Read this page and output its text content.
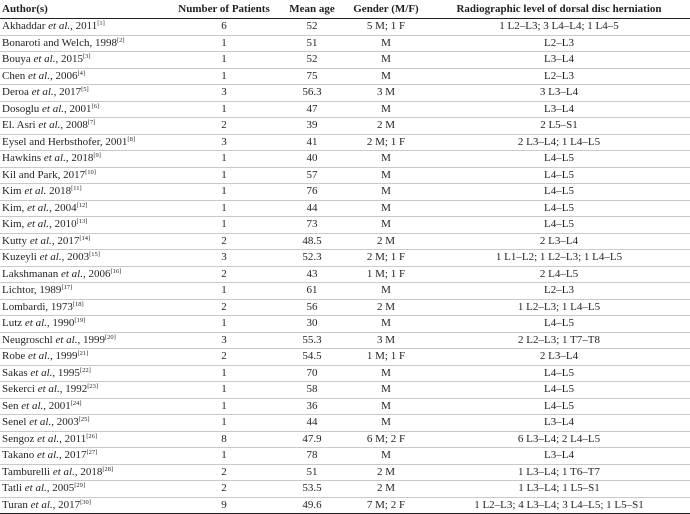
Author(s)	Number of Patients	Mean age	Gender (M/F)	Radiographic level of dorsal disc herniation
Akhaddar et al., 2011[1]	6	52	5 M; 1 F	1 L2–L3; 3 L4–L4; 1 L4–5
Bonaroti and Welch, 1998[2]	1	51	M	L2–L3
Bouya et al., 2015[3]	1	52	M	L3–L4
Chen et al., 2006[4]	1	75	M	L2–L3
Deroa et al., 2017[5]	3	56.3	3 M	3 L3–L4
Dosoglu et al., 2001[6]	1	47	M	L3–L4
El. Asri et al., 2008[7]	2	39	2 M	2 L5–S1
Eysel and Herbsthofer, 2001[8]	3	41	2 M; 1 F	2 L3–L4; 1 L4–L5
Hawkins et al., 2018[9]	1	40	M	L4–L5
Kil and Park, 2017[10]	1	57	M	L4–L5
Kim et al. 2018[11]	1	76	M	L4–L5
Kim, et al., 2004[12]	1	44	M	L4–L5
Kim, et al., 2010[13]	1	73	M	L4–L5
Kutty et al., 2017[14]	2	48.5	2 M	2 L3–L4
Kuzeyli et al., 2003[15]	3	52.3	2 M; 1 F	1 L1–L2; 1 L2–L3; 1 L4–L5
Lakshmanan et al., 2006[16]	2	43	1 M; 1 F	2 L4–L5
Lichtor, 1989[17]	1	61	M	L2–L3
Lombardi, 1973[18]	2	56	2 M	1 L2–L3; 1 L4–L5
Lutz et al., 1990[19]	1	30	M	L4–L5
Neugroschl et al., 1999[20]	3	55.3	3 M	2 L2–L3; 1 T7–T8
Robe et al., 1999[21]	2	54.5	1 M; 1 F	2 L3–L4
Sakas et al., 1995[22]	1	70	M	L4–L5
Sekerci et al., 1992[23]	1	58	M	L4–L5
Sen et al., 2001[24]	1	36	M	L4–L5
Senel et al., 2003[25]	1	44	M	L3–L4
Sengoz et al., 2011[26]	8	47.9	6 M; 2 F	6 L3–L4; 2 L4–L5
Takano et al., 2017[27]	1	78	M	L3–L4
Tamburelli et al., 2018[28]	2	51	2 M	1 L3–L4; 1 T6–T7
Tatli et al., 2005[29]	2	53.5	2 M	1 L3–L4; 1 L5–S1
Turan et al., 2017[30]	9	49.6	7 M; 2 F	1 L2–L3; 4 L3–L4; 3 L4–L5; 1 L5–S1
